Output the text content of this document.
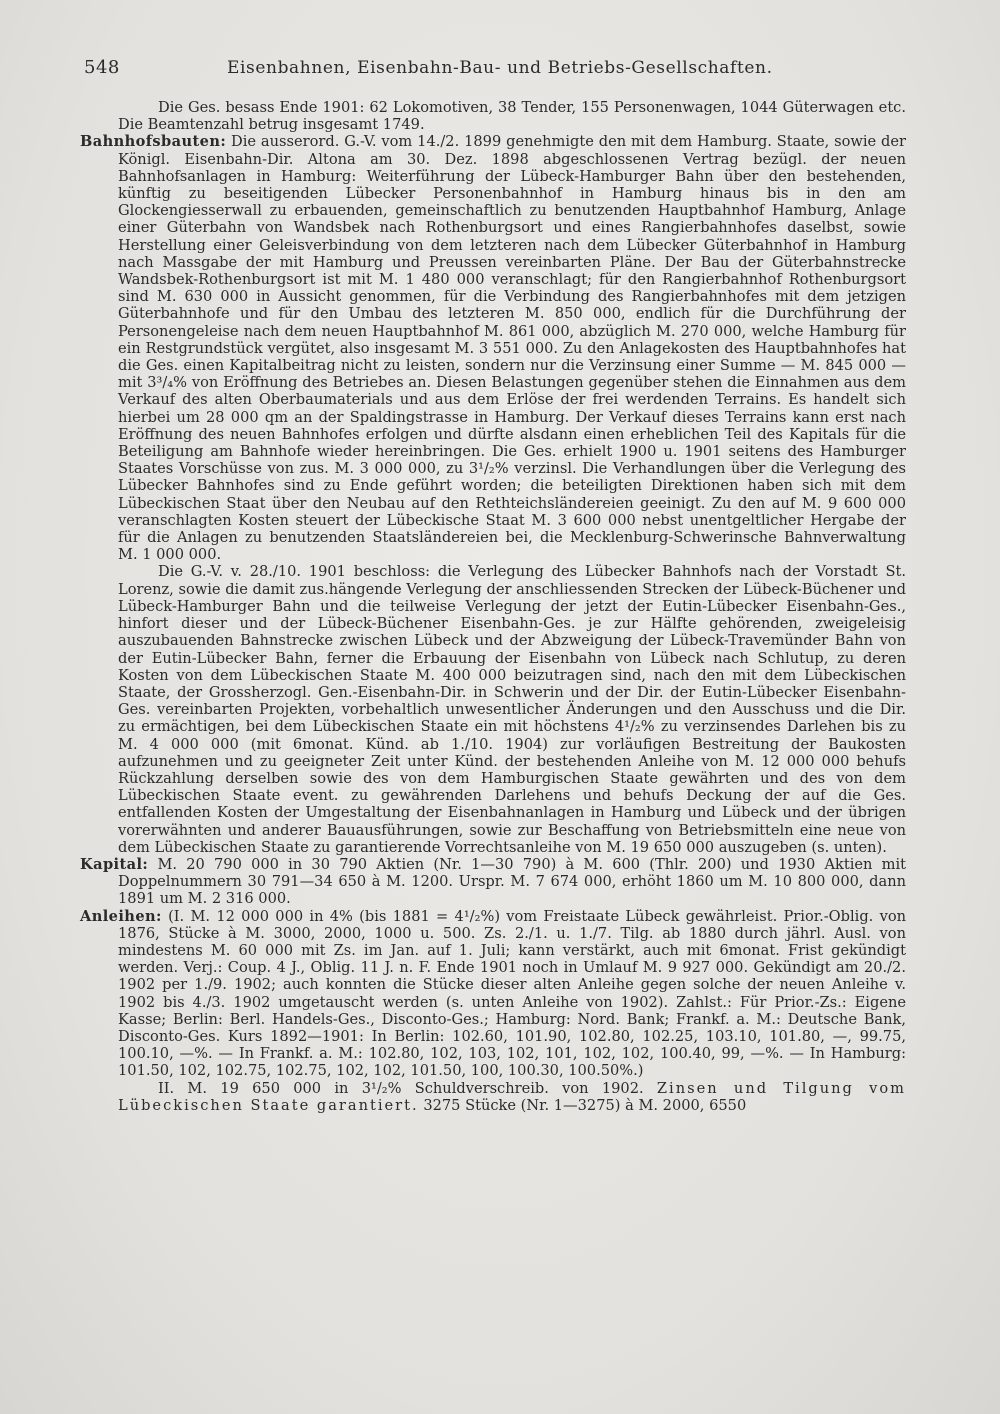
548	Eisenbahnen, Eisenbahn-Bau- und Betriebs-Gesellschaften.

Die Ges. besass Ende 1901: 62 Lokomotiven, 38 Tender, 155 Personenwagen, 1044 Güterwagen etc. Die Beamtenzahl betrug insgesamt 1749.

Bahnhofsbauten: Die ausserord. G.-V. vom 14./2. 1899 genehmigte den mit dem Hamburg. Staate, sowie der Königl. Eisenbahn-Dir. Altona am 30. Dez. 1898 abgeschlossenen Vertrag bezügl. der neuen Bahnhofsanlagen in Hamburg: Weiterführung der Lübeck-Hamburger Bahn über den bestehenden, künftig zu beseitigenden Lübecker Personenbahnhof in Hamburg hinaus bis in den am Glockengiesserwall zu erbauenden, gemeinschaftlich zu benutzenden Hauptbahnhof Hamburg, Anlage einer Güterbahn von Wandsbek nach Rothenburgsort und eines Rangierbahnhofes daselbst, sowie Herstellung einer Geleisverbindung von dem letzteren nach dem Lübecker Güterbahnhof in Hamburg nach Massgabe der mit Hamburg und Preussen vereinbarten Pläne. Der Bau der Güterbahnstrecke Wandsbek-Rothenburgsort ist mit M. 1 480 000 veranschlagt; für den Rangierbahnhof Rothenburgsort sind M. 630 000 in Aussicht genommen, für die Verbindung des Rangierbahnhofes mit dem jetzigen Güterbahnhofe und für den Umbau des letzteren M. 850 000, endlich für die Durchführung der Personengeleise nach dem neuen Hauptbahnhof M. 861 000, abzüglich M. 270 000, welche Hamburg für ein Restgrundstück vergütet, also insgesamt M. 3 551 000. Zu den Anlagekosten des Hauptbahnhofes hat die Ges. einen Kapitalbeitrag nicht zu leisten, sondern nur die Verzinsung einer Summe — M. 845 000 — mit 3³/₄% von Eröffnung des Betriebes an. Diesen Belastungen gegenüber stehen die Einnahmen aus dem Verkauf des alten Oberbaumaterials und aus dem Erlöse der frei werdenden Terrains. Es handelt sich hierbei um 28 000 qm an der Spaldingstrasse in Hamburg. Der Verkauf dieses Terrains kann erst nach Eröffnung des neuen Bahnhofes erfolgen und dürfte alsdann einen erheblichen Teil des Kapitals für die Beteiligung am Bahnhofe wieder hereinbringen. Die Ges. erhielt 1900 u. 1901 seitens des Hamburger Staates Vorschüsse von zus. M. 3 000 000, zu 3¹/₂% verzinsl. Die Verhandlungen über die Verlegung des Lübecker Bahnhofes sind zu Ende geführt worden; die beteiligten Direktionen haben sich mit dem Lübeckischen Staat über den Neubau auf den Rethteichsländereien geeinigt. Zu den auf M. 9 600 000 veranschlagten Kosten steuert der Lübeckische Staat M. 3 600 000 nebst unentgeltlicher Hergabe der für die Anlagen zu benutzenden Staatsländereien bei, die Mecklenburg-Schwerinsche Bahnverwaltung M. 1 000 000.

Die G.-V. v. 28./10. 1901 beschloss: die Verlegung des Lübecker Bahnhofs nach der Vorstadt St. Lorenz, sowie die damit zus.hängende Verlegung der anschliessenden Strecken der Lübeck-Büchener und Lübeck-Hamburger Bahn und die teilweise Verlegung der jetzt der Eutin-Lübecker Eisenbahn-Ges., hinfort dieser und der Lübeck-Büchener Eisenbahn-Ges. je zur Hälfte gehörenden, zweigeleisig auszubauenden Bahnstrecke zwischen Lübeck und der Abzweigung der Lübeck-Travemünder Bahn von der Eutin-Lübecker Bahn, ferner die Erbauung der Eisenbahn von Lübeck nach Schlutup, zu deren Kosten von dem Lübeckischen Staate M. 400 000 beizutragen sind, nach den mit dem Lübeckischen Staate, der Grossherzogl. Gen.-Eisenbahn-Dir. in Schwerin und der Dir. der Eutin-Lübecker Eisenbahn-Ges. vereinbarten Projekten, vorbehaltlich unwesentlicher Änderungen und den Ausschuss und die Dir. zu ermächtigen, bei dem Lübeckischen Staate ein mit höchstens 4¹/₂% zu verzinsendes Darlehen bis zu M. 4 000 000 (mit 6monat. Künd. ab 1./10. 1904) zur vorläufigen Bestreitung der Baukosten aufzunehmen und zu geeigneter Zeit unter Künd. der bestehenden Anleihe von M. 12 000 000 behufs Rückzahlung derselben sowie des von dem Hamburgischen Staate gewährten und des von dem Lübeckischen Staate event. zu gewährenden Darlehens und behufs Deckung der auf die Ges. entfallenden Kosten der Umgestaltung der Eisenbahnanlagen in Hamburg und Lübeck und der übrigen vorerwähnten und anderer Bauausführungen, sowie zur Beschaffung von Betriebsmitteln eine neue von dem Lübeckischen Staate zu garantierende Vorrechtsanleihe von M. 19 650 000 auszugeben (s. unten).

Kapital: M. 20 790 000 in 30 790 Aktien (Nr. 1—30 790) à M. 600 (Thlr. 200) und 1930 Aktien mit Doppelnummern 30 791—34 650 à M. 1200. Urspr. M. 7 674 000, erhöht 1860 um M. 10 800 000, dann 1891 um M. 2 316 000.

Anleihen: (I. M. 12 000 000 in 4% (bis 1881 = 4¹/₂%) vom Freistaate Lübeck gewährleist. Prior.-Oblig. von 1876, Stücke à M. 3000, 2000, 1000 u. 500. Zs. 2./1. u. 1./7. Tilg. ab 1880 durch jährl. Ausl. von mindestens M. 60 000 mit Zs. im Jan. auf 1. Juli; kann verstärkt, auch mit 6monat. Frist gekündigt werden. Verj.: Coup. 4 J., Oblig. 11 J. n. F. Ende 1901 noch in Umlauf M. 9 927 000. Gekündigt am 20./2. 1902 per 1./9. 1902; auch konnten die Stücke dieser alten Anleihe gegen solche der neuen Anleihe v. 1902 bis 4./3. 1902 umgetauscht werden (s. unten Anleihe von 1902). Zahlst.: Für Prior.-Zs.: Eigene Kasse; Berlin: Berl. Handels-Ges., Disconto-Ges.; Hamburg: Nord. Bank; Frankf. a. M.: Deutsche Bank, Disconto-Ges. Kurs 1892—1901: In Berlin: 102.60, 101.90, 102.80, 102.25, 103.10, 101.80, —, 99.75, 100.10, —%. — In Frankf. a. M.: 102.80, 102, 103, 102, 101, 102, 102, 100.40, 99, —%. — In Hamburg: 101.50, 102, 102.75, 102.75, 102, 102, 101.50, 100, 100.30, 100.50%.)

II. M. 19 650 000 in 3¹/₂% Schuldverschreib. von 1902. Zinsen und Tilgung vom Lübeckischen Staate garantiert. 3275 Stücke (Nr. 1—3275) à M. 2000, 6550
